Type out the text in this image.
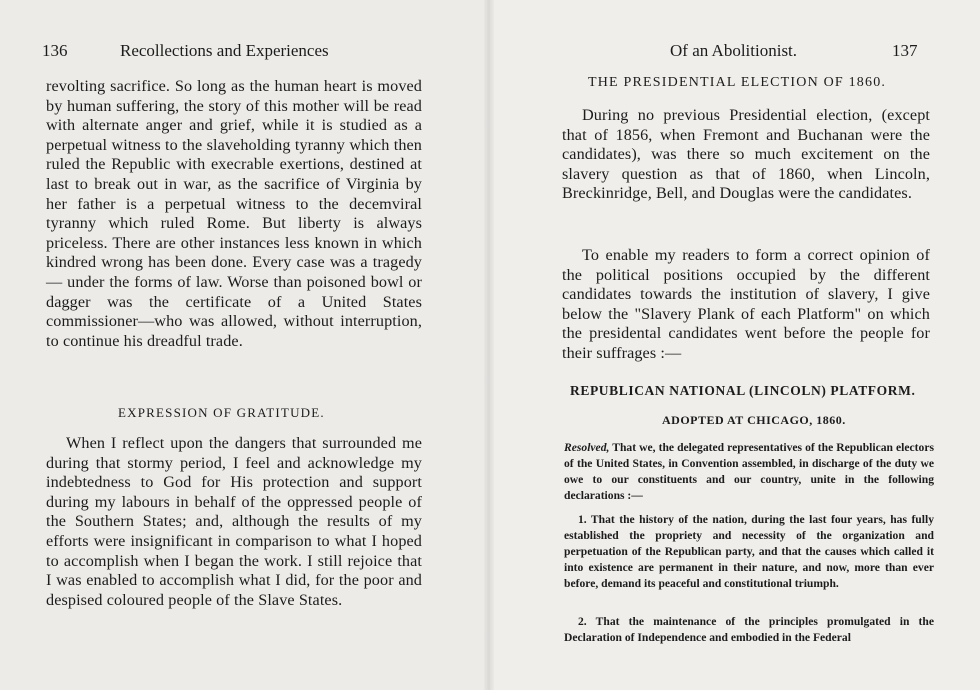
136	Recollections and Experiences
revolting sacrifice. So long as the human heart is moved by human suffering, the story of this mother will be read with alternate anger and grief, while it is studied as a perpetual witness to the slaveholding tyranny which then ruled the Republic with execrable exertions, destined at last to break out in war, as the sacrifice of Virginia by her father is a perpetual witness to the decemviral tyranny which ruled Rome. But liberty is always priceless. There are other instances less known in which kindred wrong has been done. Every case was a tragedy— under the forms of law. Worse than poisoned bowl or dagger was the certificate of a United States commissioner—who was allowed, without interruption, to continue his dreadful trade.
EXPRESSION OF GRATITUDE.
When I reflect upon the dangers that surrounded me during that stormy period, I feel and acknowledge my indebtedness to God for His protection and support during my labours in behalf of the oppressed people of the Southern States; and, although the results of my efforts were insignificant in comparison to what I hoped to accomplish when I began the work. I still rejoice that I was enabled to accomplish what I did, for the poor and despised coloured people of the Slave States.
Of an Abolitionist.	137
THE PRESIDENTIAL ELECTION OF 1860.
During no previous Presidential election, (except that of 1856, when Fremont and Buchanan were the candidates), was there so much excitement on the slavery question as that of 1860, when Lincoln, Breckinridge, Bell, and Douglas were the candidates.
To enable my readers to form a correct opinion of the political positions occupied by the different candidates towards the institution of slavery, I give below the "Slavery Plank of each Platform" on which the presidental candidates went before the people for their suffrages :—
REPUBLICAN NATIONAL (LINCOLN) PLATFORM.
ADOPTED AT CHICAGO, 1860.
Resolved, That we, the delegated representatives of the Republican electors of the United States, in Convention assembled, in discharge of the duty we owe to our constituents and our country, unite in the following declarations :—
1. That the history of the nation, during the last four years, has fully established the propriety and necessity of the organization and perpetuation of the Republican party, and that the causes which called it into existence are permanent in their nature, and now, more than ever before, demand its peaceful and constitutional triumph.
2. That the maintenance of the principles promulgated in the Declaration of Independence and embodied in the Federal
